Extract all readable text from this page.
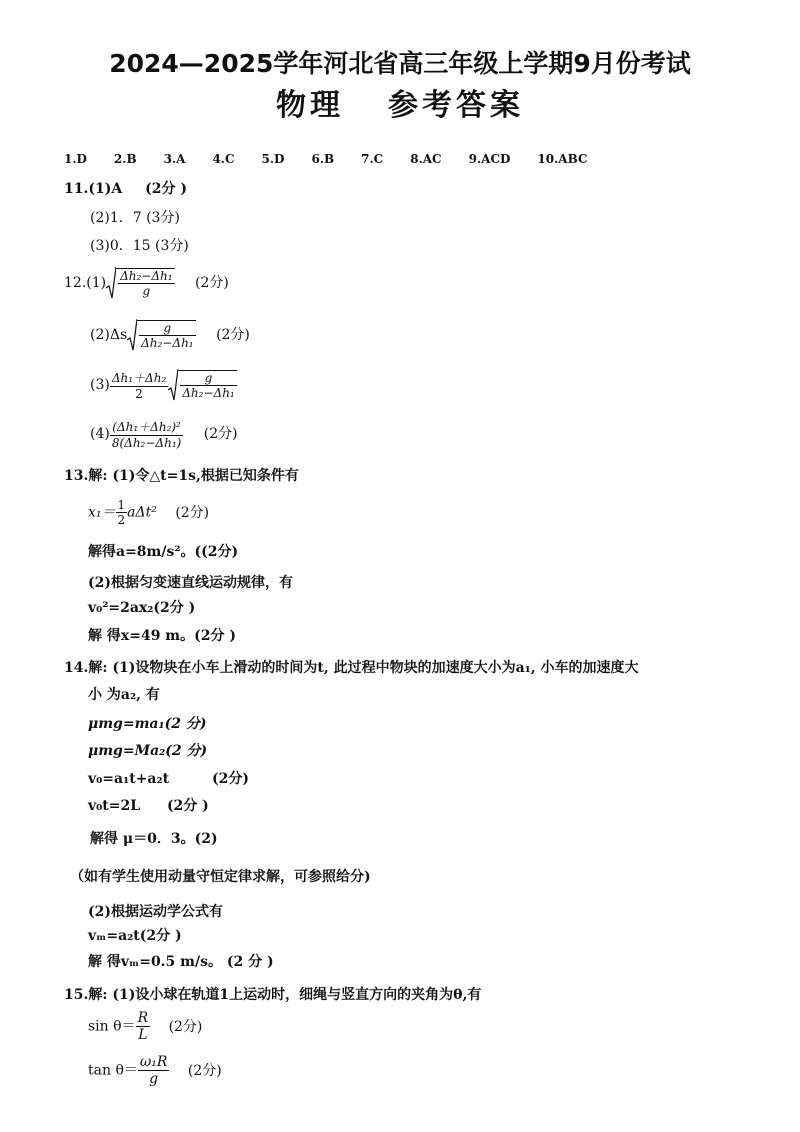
2024—2025学年河北省高三年级上学期9月份考试
物理 参考答案
1.D 2.B 3.A 4.C 5.D 6.B 7.C 8.AC 9.ACD 10.ABC
11.(1)A (2分 )
(2)1．7 (3分)
(3)0．15 (3分)
$12.(1) \frac{\text{Δh₂−Δh₁}}{g} (2$分)
$(2)\Delta s \frac{g}{\text{Δh₂−Δh₁}} (2$分)
$(3) \frac{\text{Δh₁＋Δh₂}}{2} \frac{g}{\text{Δh₂−Δh₁}}$
$(4) \frac{\text{(Δh₁＋Δh₂)²}}{\text{8(Δh₂−Δh₁)}} (2$分)
13.解: (1)令△t=1s,根据已知条件有
$x_1= \frac{1}{2} a\Delta t^2$ (2分)
解得a=8m/s²。((2分)
(2)根据匀变速直线运动规律，有
v₀²=2ax₂(2分 )
解 得x=49 m。(2分 )
14.解: (1)设物块在小车上滑动的时间为t, 此过程中物块的加速度大小为a₁, 小车的加速度大
小 为a₂, 有
μmg=ma₁(2 分)
μmg=Ma₂(2 分)
v₀=a₁t+a₂t	(2分)
v₀t=2L (2分 )
解得 μ＝0．3。(2)
（如有学生使用动量守恒定律求解，可参照给分)
(2)根据运动学公式有
vₘ=a₂t(2分 )
解 得vₘ=0.5 m/s。 (2 分 )
15.解: (1)设小球在轨道1上运动时，细绳与竖直方向的夹角为θ,有
$\sin \theta= \frac{R}{L} (2$分)
$\tan \theta= \frac{\text{ω₁R}}{g} (2$分)
